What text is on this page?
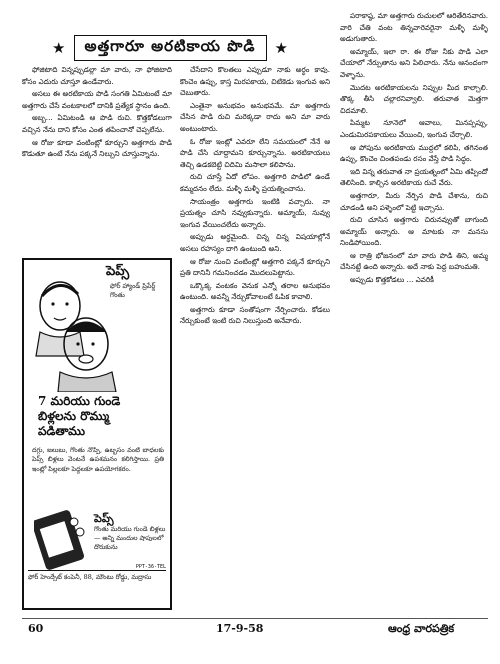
★	అత్తగారూ అరటికాయ పొడి	★

ఫోజిటాది విన్నప్పుడల్లా మా వారు, నా ఫోజిటాది కోసం ఎదురు చూస్తూ ఉండేవారు.

అసలు ఈ అరటికాయ పొడి సంగతి ఏమిటంటే మా అత్తగారు చేసే వంటకాలలో దానికి ప్రత్యేక స్థానం ఉంది.

అబ్బ... ఏమిటండి ఆ పొడి రుచి. కొత్తకోడలుగా వచ్చిన నేను దాని కోసం ఎంత తపించానో చెప్పలేను.

ఆ రోజు కూడా వంటింట్లో కూర్చుని అత్తగారు పొడి కొడుతూ ఉంటే నేను పక్కనే నిల్చుని చూస్తున్నాను.

పెప్స్
ఫోర్ హ్యాండ్ ప్రిపేర్డ్ గొంతు
7 మరియు గుండె బిళ్లలను రొమ్ము పడితాము
దగ్గు, జలుబు, గొంతు నొప్పి, ఉబ్బసం వంటి బాధలకు పెప్స్ బిళ్లలు వెంటనే ఉపశమనం కలిగిస్తాయి. ప్రతి ఇంట్లో పిల్లలకూ పెద్దలకూ ఉపయోగకరం.
పెప్స్
గొంతు మరియు గుండె బిళ్లలు — అన్ని మందుల షాపులలో దొరుకును
PPT-36-TEL
ఫోర్ హెంద్సేట్ కంపెనీ, 88, మౌంటు రోడ్డు, మద్రాసు

చేసేదాని కొలతలు ఎప్పుడూ నాకు అర్థం కావు. కొంచెం ఉప్పు, కాస్త మిరపకాయ, చిటికెడు ఇంగువ అని చెబుతారు.

ఎంతైనా అనుభవం అనుభవమే. మా అత్తగారు చేసిన పొడి రుచి మరెక్కడా రాదు అని మా వారు అంటుంటారు.

ఓ రోజు ఇంట్లో ఎవరూ లేని సమయంలో నేనే ఆ పొడి చేసి చూద్దామని కూర్చున్నాను. అరటికాయలు తెచ్చి ఉడకబెట్టి చిదిమి మసాలా కలిపాను.

రుచి చూస్తే ఏదో లోపం. అత్తగారి పొడిలో ఉండే కమ్మదనం లేదు. మళ్ళీ మళ్ళీ ప్రయత్నించాను.

సాయంత్రం అత్తగారు ఇంటికి వచ్చారు. నా ప్రయత్నం చూసి నవ్వుకున్నారు. అమ్మాయ్, నువ్వు ఇంగువ వేయించలేదు అన్నారు.

అప్పుడు అర్థమైంది. చిన్న చిన్న విషయాల్లోనే అసలు రహస్యం దాగి ఉంటుంది అని.

ఆ రోజు నుంచి వంటింట్లో అత్తగారి పక్కనే కూర్చుని ప్రతి దానినీ గమనించడం మొదలుపెట్టాను.

ఒక్కొక్క వంటకం వెనుక ఎన్నో తరాల అనుభవం ఉంటుంది. అవన్నీ నేర్చుకోవాలంటే ఓపిక కావాలి.

అత్తగారు కూడా సంతోషంగా నేర్పించారు. కోడలు నేర్చుకుంటే ఇంటి రుచి నిలుస్తుంది అనేవారు.

పరాకాష్ఠ, మా అత్తగారు రుచులలో ఆరితేరినవారు. వారి చేతి వంట తిన్నవారెవరైనా మళ్ళీ మళ్ళీ అడుగుతారు.

అమ్మాయ్, ఇలా రా. ఈ రోజు నీకు పొడి ఎలా చేయాలో నేర్పుతాను అని పిలిచారు. నేను ఆనందంగా వెళ్ళాను.

మొదట అరటికాయలను నిప్పుల మీద కాల్చాలి. తొక్క తీసి చల్లారనివ్వాలి. తరువాత మెత్తగా చిదమాలి.

పిమ్మట నూనెలో ఆవాలు, మినప్పప్పు, ఎండుమిరపకాయలు వేయించి, ఇంగువ చేర్చాలి.

ఆ పోపును అరటికాయ ముద్దలో కలిపి, తగినంత ఉప్పు, కొంచెం చింతపండు రసం వేస్తే పొడి సిద్ధం.

ఇది విన్న తరువాత నా ప్రయత్నంలో ఏమి తప్పిందో తెలిసింది. కాల్చిన అరటికాయ రుచే వేరు.

అత్తగారూ, మీరు నేర్పిన పొడి చేశాను, రుచి చూడండి అని పళ్ళెంలో పెట్టి ఇచ్చాను.

రుచి చూసిన అత్తగారు చిరునవ్వుతో బాగుంది అమ్మాయ్ అన్నారు. ఆ మాటకు నా మనసు నిండిపోయింది.

ఆ రాత్రి భోజనంలో మా వారు పొడి తిని, అమ్మ చేసినట్టే ఉంది అన్నారు. అదే నాకు పెద్ద బహుమతి.

అప్పుడు కొత్తకోడలు ... ఎవరికీ

60	17-9-58	ఆంధ్ర వారపత్రిక
